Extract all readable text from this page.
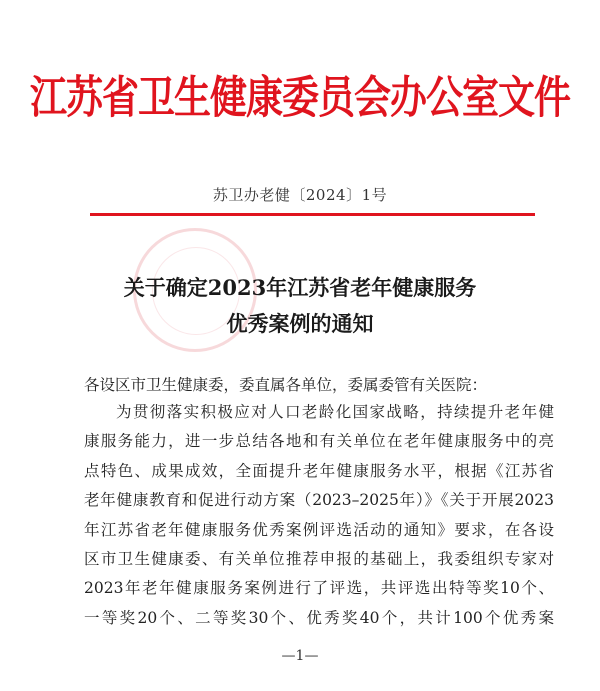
江苏省卫生健康委员会办公室文件
苏卫办老健〔2024〕1号
关于确定2023年江苏省老年健康服务
优秀案例的通知
各设区市卫生健康委，委直属各单位，委属委管有关医院：
为贯彻落实积极应对人口老龄化国家战略，持续提升老年健
康服务能力，进一步总结各地和有关单位在老年健康服务中的亮
点特色、成果成效，全面提升老年健康服务水平，根据《江苏省
老年健康教育和促进行动方案（2023–2025年）》《关于开展2023
年江苏省老年健康服务优秀案例评选活动的通知》要求，在各设
区市卫生健康委、有关单位推荐申报的基础上，我委组织专家对
2023年老年健康服务案例进行了评选，共评选出特等奖10个、
一等奖20个、二等奖30个、优秀奖40个，共计100个优秀案
—1—
